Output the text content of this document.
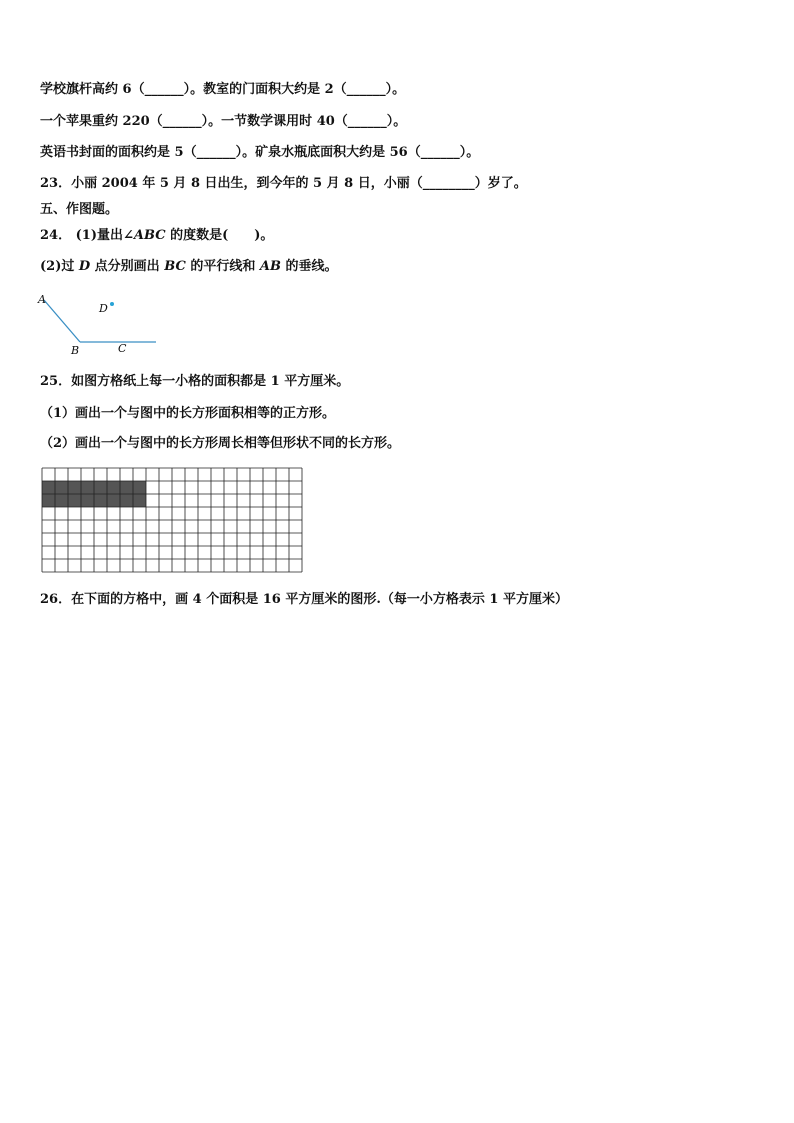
学校旗杆高约 6（______）。教室的门面积大约是 2（______）。
一个苹果重约 220（______）。一节数学课用时 40（______）。
英语书封面的面积约是 5（______）。矿泉水瓶底面积大约是 56（______）。
23．小丽 2004 年 5 月 8 日出生，到今年的 5 月 8 日，小丽（________）岁了。
五、作图题。
24． (1)量出∠ABC 的度数是(　　)。
(2)过 D 点分别画出 BC 的平行线和 AB 的垂线。
A
B	C
D
25．如图方格纸上每一小格的面积都是 1 平方厘米。
（1）画出一个与图中的长方形面积相等的正方形。
（2）画出一个与图中的长方形周长相等但形状不同的长方形。
26．在下面的方格中，画 4 个面积是 16 平方厘米的图形.（每一小方格表示 1 平方厘米）
